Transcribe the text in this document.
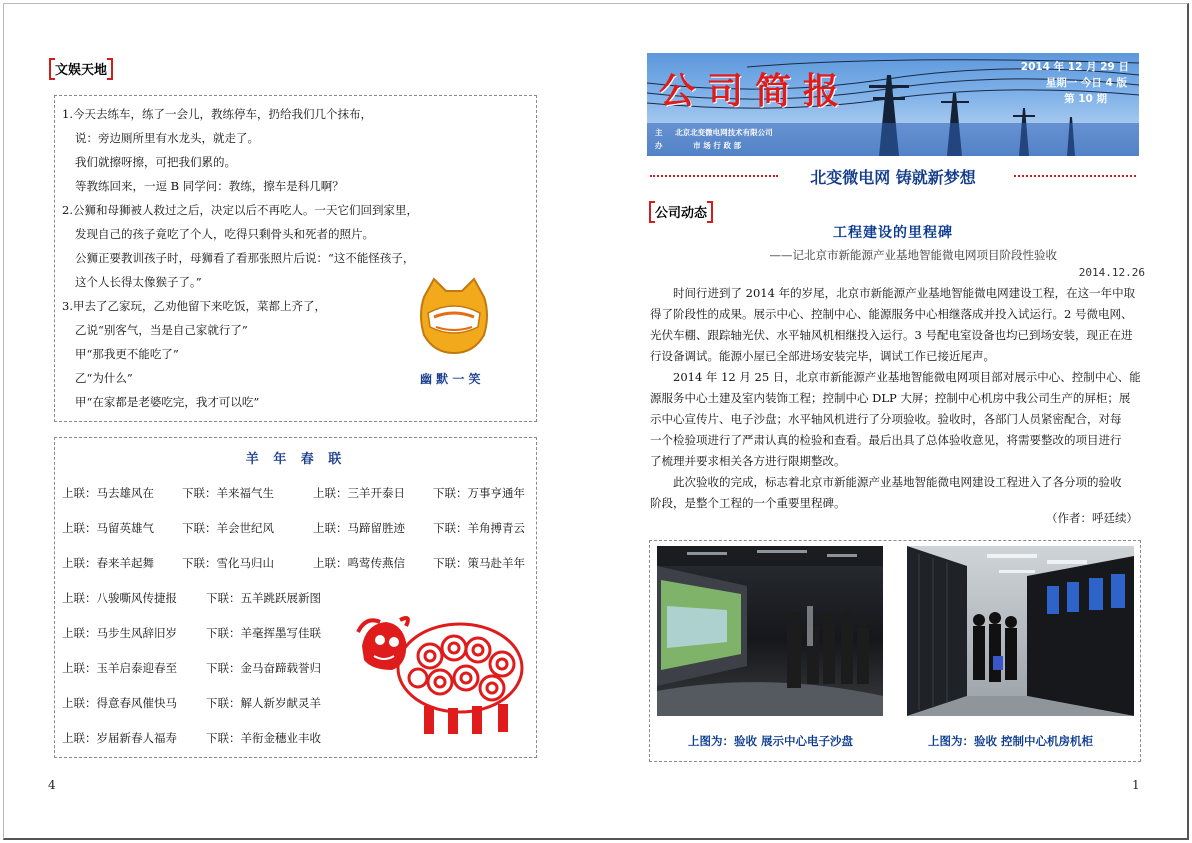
文娱天地
1.今天去练车，练了一会儿，教练停车，扔给我们几个抹布，
说：旁边厕所里有水龙头，就走了。
我们就擦呀擦，可把我们累的。
等教练回来，一逗 B 同学问：教练，擦车是科几啊？
2.公狮和母狮被人救过之后，决定以后不再吃人。一天它们回到家里，
发现自己的孩子竟吃了个人，吃得只剩骨头和死者的照片。
公狮正要教训孩子时，母狮看了看那张照片后说：“这不能怪孩子，
这个人长得太像猴子了。”
3.甲去了乙家玩，乙劝他留下来吃饭，菜都上齐了，
乙说“别客气，当是自己家就行了”
甲“那我更不能吃了”
乙“为什么”
甲“在家都是老婆吃完，我才可以吃”
幽 默 一 笑
羊 年 春 联
上联：马去雄风在 下联：羊来福气生	上联：三羊开泰日 下联：万事亨通年
上联：马留英雄气 下联：羊会世纪风	上联：马蹄留胜迹 下联：羊角搏青云
上联：春来羊起舞 下联：雪化马归山	上联：鸣莺传燕信 下联：策马赴羊年
上联：八骏嘶风传捷报	下联：五羊跳跃展新图
上联：马步生风辞旧岁	下联：羊毫挥墨写佳联
上联：玉羊启泰迎春至	下联：金马奋蹄载誉归
上联：得意春风催快马	下联：解人新岁献灵羊
上联：岁届新春人福寿	下联：羊衔金穗业丰收
4
公司简报
2014 年 12 月 29 日
星期一 今日 4 版
第 10 期
主 北京北变微电网技术有限公司
办	市 场 行 政 部
北变微电网 铸就新梦想
公司动态
工程建设的里程碑
——记北京市新能源产业基地智能微电网项目阶段性验收
2014.12.26
时间行进到了 2014 年的岁尾，北京市新能源产业基地智能微电网建设工程，在这一年中取
得了阶段性的成果。展示中心、控制中心、能源服务中心相继落成并投入试运行。2 号微电网、
光伏车棚、跟踪轴光伏、水平轴风机相继投入运行。3 号配电室设备也均已到场安装，现正在进
行设备调试。能源小屋已全部进场安装完毕，调试工作已接近尾声。
2014 年 12 月 25 日，北京市新能源产业基地智能微电网项目部对展示中心、控制中心、能
源服务中心土建及室内装饰工程；控制中心 DLP 大屏；控制中心机房中我公司生产的屏柜；展
示中心宣传片、电子沙盘；水平轴风机进行了分项验收。验收时，各部门人员紧密配合，对每
一个检验项进行了严肃认真的检验和查看。最后出具了总体验收意见，将需要整改的项目进行
了梳理并要求相关各方进行限期整改。
此次验收的完成，标志着北京市新能源产业基地智能微电网建设工程进入了各分项的验收
阶段，是整个工程的一个重要里程碑。
（作者：呼廷续）
上图为：验收 展示中心电子沙盘	上图为：验收 控制中心机房机柜
1
